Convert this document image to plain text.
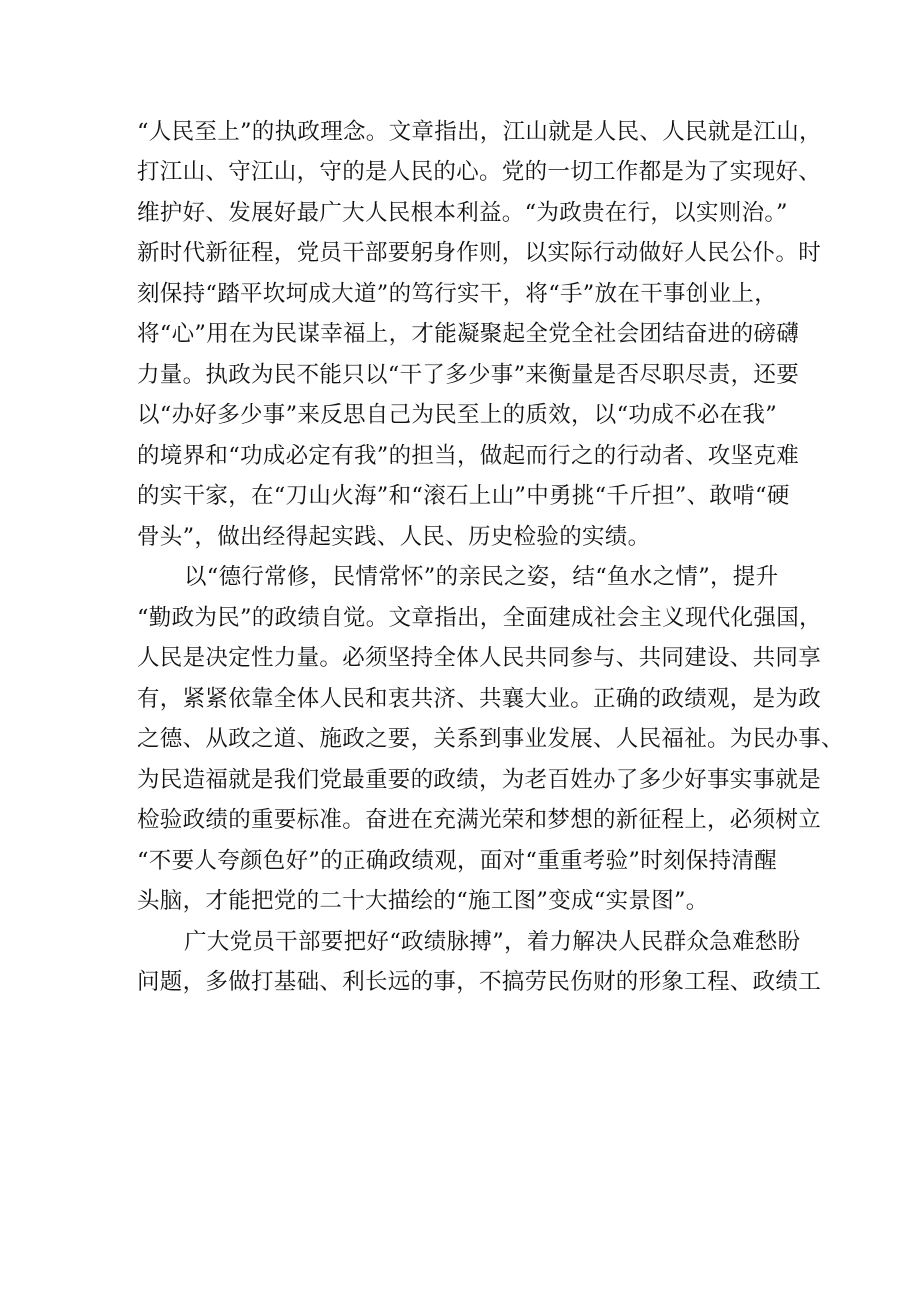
“人民至上”的执政理念。文章指出，江山就是人民、人民就是江山，
打江山、守江山，守的是人民的心。党的一切工作都是为了实现好、
维护好、发展好最广大人民根本利益。“为政贵在行，以实则治。”
新时代新征程，党员干部要躬身作则，以实际行动做好人民公仆。时
刻保持“踏平坎坷成大道”的笃行实干，将“手”放在干事创业上，
将“心”用在为民谋幸福上，才能凝聚起全党全社会团结奋进的磅礴
力量。执政为民不能只以“干了多少事”来衡量是否尽职尽责，还要
以“办好多少事”来反思自己为民至上的质效，以“功成不必在我”
的境界和“功成必定有我”的担当，做起而行之的行动者、攻坚克难
的实干家，在“刀山火海”和“滚石上山”中勇挑“千斤担”、敢啃“硬
骨头”，做出经得起实践、人民、历史检验的实绩。
以“德行常修，民情常怀”的亲民之姿，结“鱼水之情”，提升
“勤政为民”的政绩自觉。文章指出，全面建成社会主义现代化强国，
人民是决定性力量。必须坚持全体人民共同参与、共同建设、共同享
有，紧紧依靠全体人民和衷共济、共襄大业。正确的政绩观，是为政
之德、从政之道、施政之要，关系到事业发展、人民福祉。为民办事、
为民造福就是我们党最重要的政绩，为老百姓办了多少好事实事就是
检验政绩的重要标准。奋进在充满光荣和梦想的新征程上，必须树立
“不要人夸颜色好”的正确政绩观，面对“重重考验”时刻保持清醒
头脑，才能把党的二十大描绘的“施工图”变成“实景图”。
广大党员干部要把好“政绩脉搏”，着力解决人民群众急难愁盼
问题，多做打基础、利长远的事，不搞劳民伤财的形象工程、政绩工
